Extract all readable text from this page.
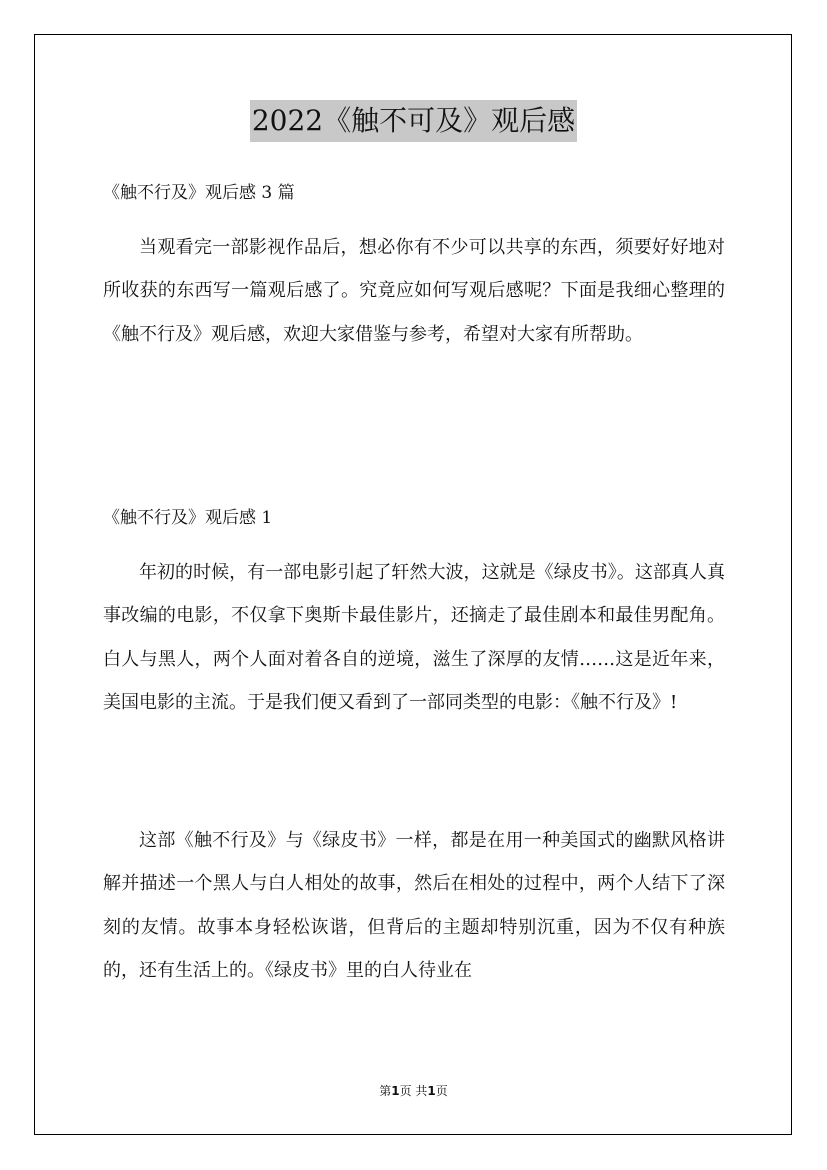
2022《触不可及》观后感
《触不行及》观后感 3 篇

当观看完一部影视作品后，想必你有不少可以共享的东西，须要好好地对所收获的东西写一篇观后感了。究竟应如何写观后感呢？下面是我细心整理的《触不行及》观后感，欢迎大家借鉴与参考，希望对大家有所帮助。

《触不行及》观后感 1

年初的时候，有一部电影引起了轩然大波，这就是《绿皮书》。这部真人真事改编的电影，不仅拿下奥斯卡最佳影片，还摘走了最佳剧本和最佳男配角。白人与黑人，两个人面对着各自的逆境，滋生了深厚的友情……这是近年来，美国电影的主流。于是我们便又看到了一部同类型的电影：《触不行及》!

这部《触不行及》与《绿皮书》一样，都是在用一种美国式的幽默风格讲解并描述一个黑人与白人相处的故事，然后在相处的过程中，两个人结下了深刻的友情。故事本身轻松诙谐，但背后的主题却特别沉重，因为不仅有种族的，还有生活上的。《绿皮书》里的白人待业在

第1页 共1页
